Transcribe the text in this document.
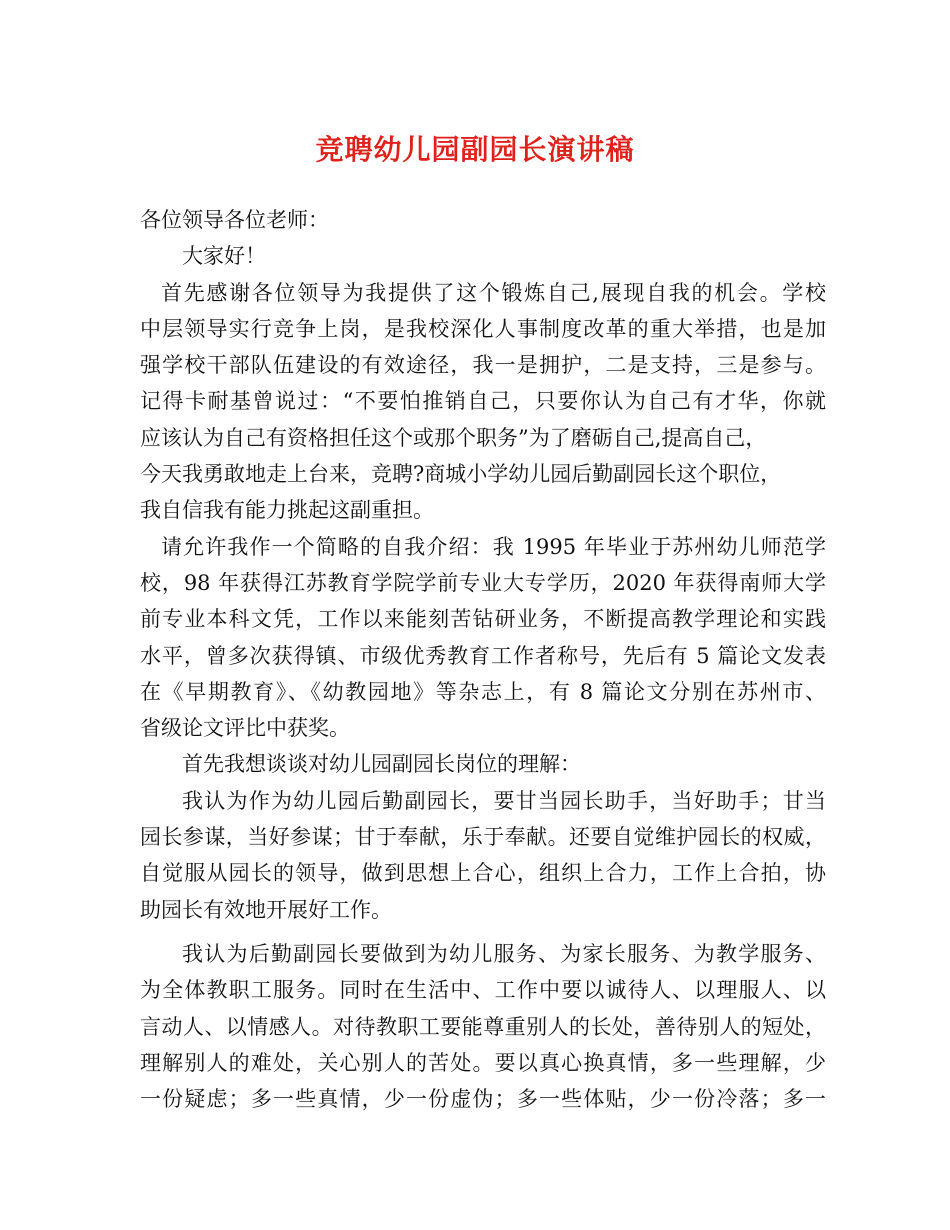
竞聘幼儿园副园长演讲稿
各位领导各位老师：
大家好！
首先感谢各位领导为我提供了这个锻炼自己,展现自我的机会。学校
中层领导实行竞争上岗，是我校深化人事制度改革的重大举措，也是加
强学校干部队伍建设的有效途径，我一是拥护，二是支持，三是参与。
记得卡耐基曾说过：“不要怕推销自己，只要你认为自己有才华，你就
应该认为自己有资格担任这个或那个职务”为了磨砺自己,提高自己，
今天我勇敢地走上台来，竞聘?商城小学幼儿园后勤副园长这个职位，
我自信我有能力挑起这副重担。
请允许我作一个简略的自我介绍：我 1995 年毕业于苏州幼儿师范学
校，98 年获得江苏教育学院学前专业大专学历，2020 年获得南师大学
前专业本科文凭，工作以来能刻苦钻研业务，不断提高教学理论和实践
水平，曾多次获得镇、市级优秀教育工作者称号，先后有 5 篇论文发表
在《早期教育》、《幼教园地》等杂志上，有 8 篇论文分别在苏州市、
省级论文评比中获奖。
首先我想谈谈对幼儿园副园长岗位的理解：
我认为作为幼儿园后勤副园长，要甘当园长助手，当好助手；甘当
园长参谋，当好参谋；甘于奉献，乐于奉献。还要自觉维护园长的权威，
自觉服从园长的领导，做到思想上合心，组织上合力，工作上合拍，协
助园长有效地开展好工作。
我认为后勤副园长要做到为幼儿服务、为家长服务、为教学服务、
为全体教职工服务。同时在生活中、工作中要以诚待人、以理服人、以
言动人、以情感人。对待教职工要能尊重别人的长处，善待别人的短处，
理解别人的难处，关心别人的苦处。要以真心换真情，多一些理解，少
一份疑虑；多一些真情，少一份虚伪；多一些体贴，少一份冷落；多一
